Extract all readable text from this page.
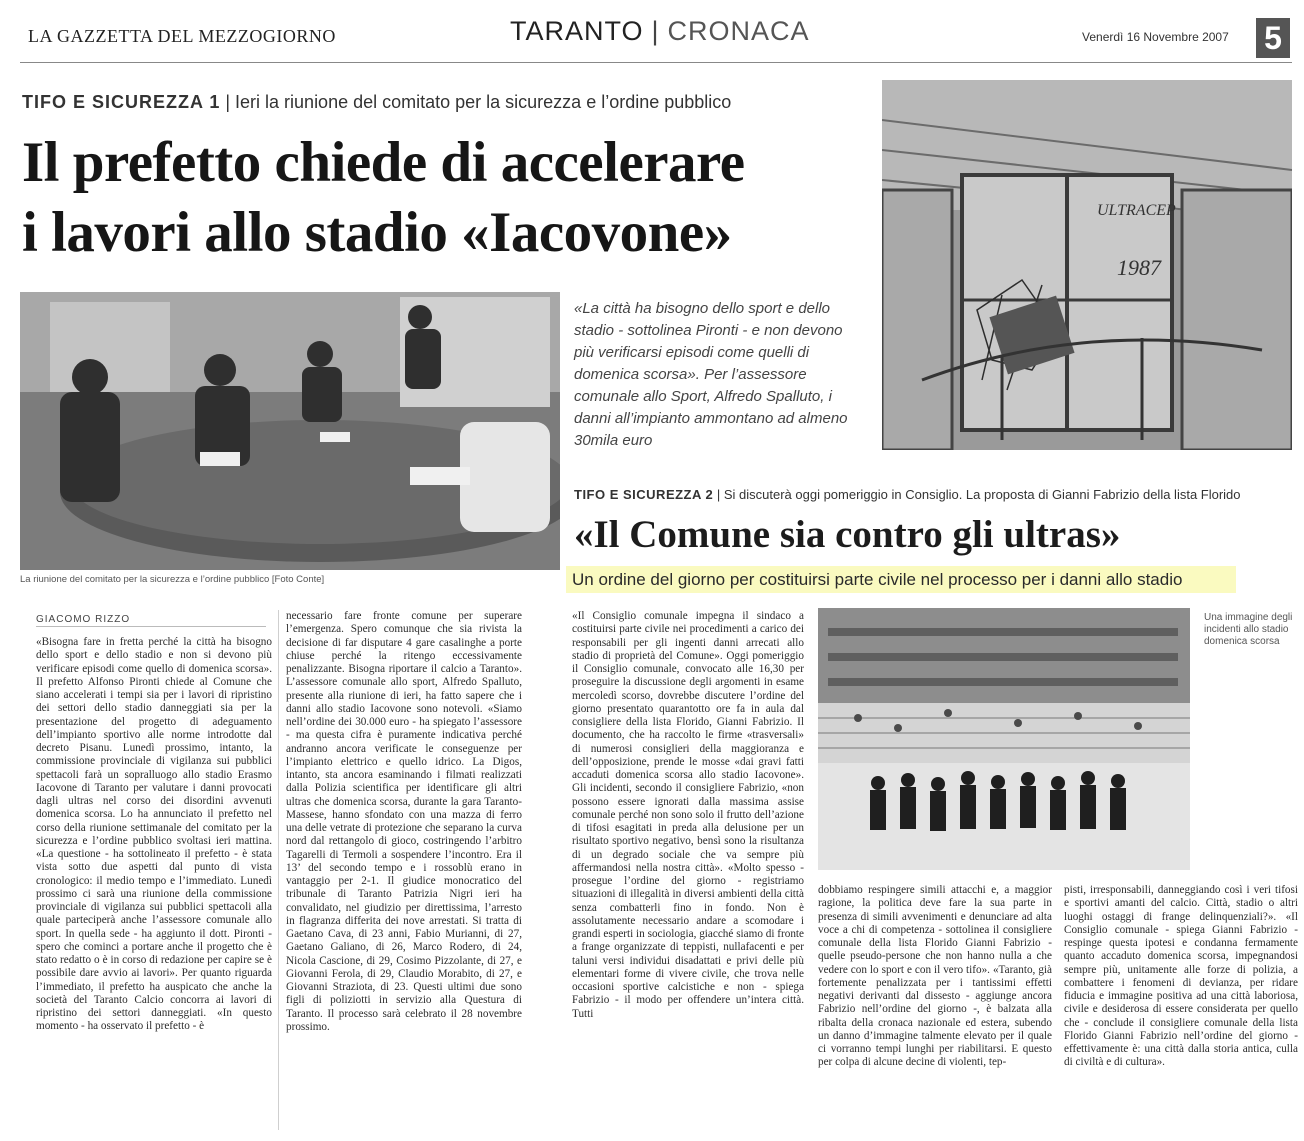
LA GAZZETTA DEL MEZZOGIORNO	TARANTO | CRONACA	Venerdì 16 Novembre 2007 5
TIFO E SICUREZZA 1 | Ieri la riunione del comitato per la sicurezza e l’ordine pubblico
Il prefetto chiede di accelerare
i lavori allo stadio «Iacovone»	ULTRACEP
1987
La riunione del comitato per la sicurezza e l’ordine pubblico [Foto Conte]
«La città ha bisogno dello sport e dello stadio - sottolinea Pironti - e non devono più verificarsi episodi come quelli di domenica scorsa». Per l’assessore comunale allo Sport, Alfredo Spalluto, i danni all’impianto ammontano ad almeno 30mila euro
TIFO E SICUREZZA 2 | Si discuterà oggi pomeriggio in Consiglio. La proposta di Gianni Fabrizio della lista Florido
«Il Comune sia contro gli ultras»
Un ordine del giorno per costituirsi parte civile nel processo per i danni allo stadio
Una immagine degli incidenti allo stadio domenica scorsa
GIACOMO RIZZO

«Bisogna fare in fretta perché la città ha bisogno dello sport e dello stadio e non si devono più verificare episodi come quello di domenica scorsa». Il prefetto Alfonso Pironti chiede al Comune che siano accelerati i tempi sia per i lavori di ripristino dei settori dello stadio danneggiati sia per la presentazione del progetto di adeguamento dell’impianto sportivo alle norme introdotte dal decreto Pisanu. Lunedì prossimo, intanto, la commissione provinciale di vigilanza sui pubblici spettacoli farà un sopralluogo allo stadio Erasmo Iacovone di Taranto per valutare i danni provocati dagli ultras nel corso dei disordini avvenuti domenica scorsa. Lo ha annunciato il prefetto nel corso della riunione settimanale del comitato per la sicurezza e l’ordine pubblico svoltasi ieri mattina. «La questione - ha sottolineato il prefetto - è stata vista sotto due aspetti dal punto di vista cronologico: il medio tempo e l’immediato. Lunedì prossimo ci sarà una riunione della commissione provinciale di vigilanza sui pubblici spettacoli alla quale parteciperà anche l’assessore comunale allo sport. In quella sede - ha aggiunto il dott. Pironti - spero che cominci a portare anche il progetto che è stato redatto o è in corso di redazione per capire se è possibile dare avvio ai lavori». Per quanto riguarda l’immediato, il prefetto ha auspicato che anche la società del Taranto Calcio concorra ai lavori di ripristino dei settori danneggiati. «In questo momento - ha osservato il prefetto - è

necessario fare fronte comune per superare l’emergenza. Spero comunque che sia rivista la decisione di far disputare 4 gare casalinghe a porte chiuse perché la ritengo eccessivamente penalizzante. Bisogna riportare il calcio a Taranto». L’assessore comunale allo sport, Alfredo Spalluto, presente alla riunione di ieri, ha fatto sapere che i danni allo stadio Iacovone sono notevoli. «Siamo nell’ordine dei 30.000 euro - ha spiegato l’assessore - ma questa cifra è puramente indicativa perché andranno ancora verificate le conseguenze per l’impianto elettrico e quello idrico. La Digos, intanto, sta ancora esaminando i filmati realizzati dalla Polizia scientifica per identificare gli altri ultras che domenica scorsa, durante la gara Taranto-Massese, hanno sfondato con una mazza di ferro una delle vetrate di protezione che separano la curva nord dal rettangolo di gioco, costringendo l’arbitro Tagarelli di Termoli a sospendere l’incontro. Era il 13’ del secondo tempo e i rossoblù erano in vantaggio per 2-1. Il giudice monocratico del tribunale di Taranto Patrizia Nigri ieri ha convalidato, nel giudizio per direttissima, l’arresto in flagranza differita dei nove arrestati. Si tratta di Gaetano Cava, di 23 anni, Fabio Murianni, di 27, Gaetano Galiano, di 26, Marco Rodero, di 24, Nicola Cascione, di 29, Cosimo Pizzolante, di 27, e Giovanni Ferola, di 29, Claudio Morabito, di 27, e Giovanni Straziota, di 23. Questi ultimi due sono figli di poliziotti in servizio alla Questura di Taranto. Il processo sarà celebrato il 28 novembre prossimo.

«Il Consiglio comunale impegna il sindaco a costituirsi parte civile nei procedimenti a carico dei responsabili per gli ingenti danni arrecati allo stadio di proprietà del Comune». Oggi pomeriggio il Consiglio comunale, convocato alle 16,30 per proseguire la discussione degli argomenti in esame mercoledì scorso, dovrebbe discutere l’ordine del giorno presentato quarantotto ore fa in aula dal consigliere della lista Florido, Gianni Fabrizio. Il documento, che ha raccolto le firme «trasversali» di numerosi consiglieri della maggioranza e dell’opposizione, prende le mosse «dai gravi fatti accaduti domenica scorsa allo stadio Iacovone». Gli incidenti, secondo il consigliere Fabrizio, «non possono essere ignorati dalla massima assise comunale perché non sono solo il frutto dell’azione di tifosi esagitati in preda alla delusione per un risultato sportivo negativo, bensì sono la risultanza di un degrado sociale che va sempre più affermandosi nella nostra città». «Molto spesso - prosegue l’ordine del giorno - registriamo situazioni di illegalità in diversi ambienti della città senza combatterli fino in fondo. Non è assolutamente necessario andare a scomodare i grandi esperti in sociologia, giacché siamo di fronte a frange organizzate di teppisti, nullafacenti e per taluni versi individui disadattati e privi delle più elementari forme di vivere civile, che trova nelle occasioni sportive calcistiche e non - spiega Fabrizio - il modo per offendere un’intera città. Tutti

dobbiamo respingere simili attacchi e, a maggior ragione, la politica deve fare la sua parte in presenza di simili avvenimenti e denunciare ad alta voce a chi di competenza - sottolinea il consigliere comunale della lista Florido Gianni Fabrizio - quelle pseudo-persone che non hanno nulla a che vedere con lo sport e con il vero tifo». «Taranto, già fortemente penalizzata per i tantissimi effetti negativi derivanti dal dissesto - aggiunge ancora Fabrizio nell’ordine del giorno -, è balzata alla ribalta della cronaca nazionale ed estera, subendo un danno d’immagine talmente elevato per il quale ci vorranno tempi lunghi per riabilitarsi. E questo per colpa di alcune decine di violenti, tep-

pisti, irresponsabili, danneggiando così i veri tifosi e sportivi amanti del calcio. Città, stadio o altri luoghi ostaggi di frange delinquenziali?». «Il Consiglio comunale - spiega Gianni Fabrizio - respinge questa ipotesi e condanna fermamente quanto accaduto domenica scorsa, impegnandosi sempre più, unitamente alle forze di polizia, a combattere i fenomeni di devianza, per ridare fiducia e immagine positiva ad una città laboriosa, civile e desiderosa di essere considerata per quello che - conclude il consigliere comunale della lista Florido Gianni Fabrizio nell’ordine del giorno - effettivamente è: una città dalla storia antica, culla di civiltà e di cultura».
